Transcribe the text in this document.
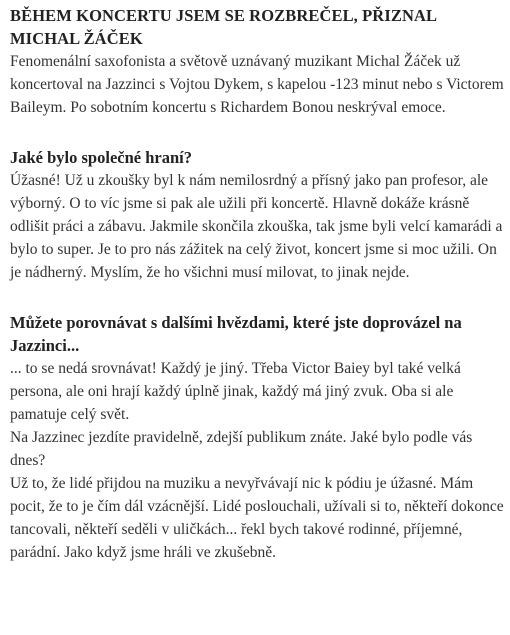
BĚHEM KONCERTU JSEM SE ROZBREČEL, PŘIZNAL MICHAL ŽÁČEK

Fenomenální saxofonista a světově uznávaný muzikant Michal Žáček už koncertoval na Jazzinci s Vojtou Dykem, s kapelou -123 minut nebo s Victorem Baileym. Po sobotním koncertu s Richardem Bonou neskrýval emoce.

Jaké bylo společné hraní?

Úžasné! Už u zkoušky byl k nám nemilosrdný a přísný jako pan profesor, ale výborný. O to víc jsme si pak ale užili při koncertě. Hlavně dokáže krásně odlišit práci a zábavu. Jakmile skončila zkouška, tak jsme byli velcí kamarádi a bylo to super. Je to pro nás zážitek na celý život, koncert jsme si moc užili. On je nádherný. Myslím, že ho všichni musí milovat, to jinak nejde.

Můžete porovnávat s dalšími hvězdami, které jste doprovázel na Jazzinci...

... to se nedá srovnávat! Každý je jiný. Třeba Victor Baiey byl také velká persona, ale oni hrají každý úplně jinak, každý má jiný zvuk. Oba si ale pamatuje celý svět.

Na Jazzinec jezdíte pravidelně, zdejší publikum znáte. Jaké bylo podle vás dnes?

Už to, že lidé přijdou na muziku a nevyřvávají nic k pódiu je úžasné. Mám pocit, že to je čím dál vzácnější. Lidé poslouchali, užívali si to, někteří dokonce tancovali, někteří seděli v uličkách... řekl bych takové rodinné, příjemné, parádní. Jako když jsme hráli ve zkušebně.
